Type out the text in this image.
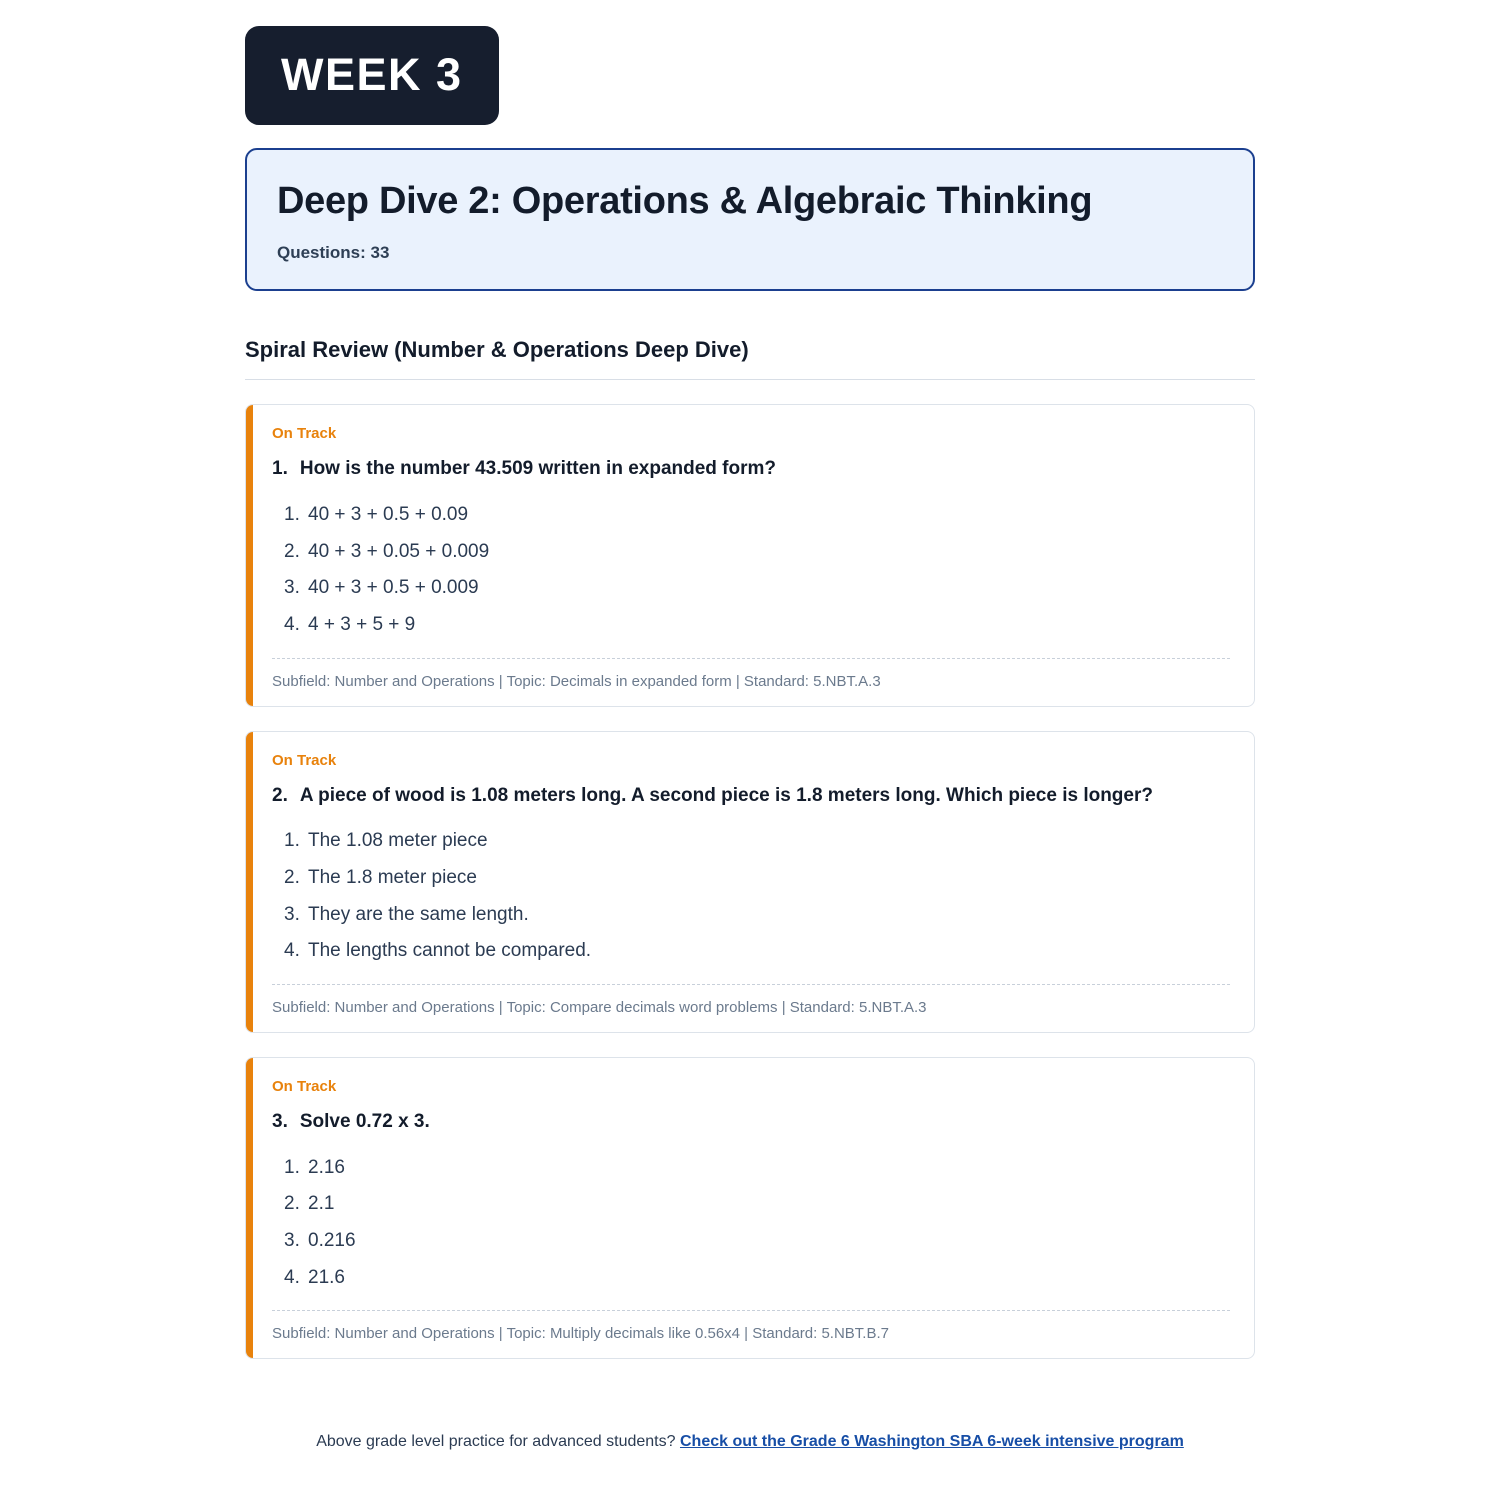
WEEK 3
Deep Dive 2: Operations & Algebraic Thinking
Questions: 33
Spiral Review (Number & Operations Deep Dive)
On Track
1. How is the number 43.509 written in expanded form?
1. 40 + 3 + 0.5 + 0.09
2. 40 + 3 + 0.05 + 0.009
3. 40 + 3 + 0.5 + 0.009
4. 4 + 3 + 5 + 9
Subfield: Number and Operations | Topic: Decimals in expanded form | Standard: 5.NBT.A.3
On Track
2. A piece of wood is 1.08 meters long. A second piece is 1.8 meters long. Which piece is longer?
1. The 1.08 meter piece
2. The 1.8 meter piece
3. They are the same length.
4. The lengths cannot be compared.
Subfield: Number and Operations | Topic: Compare decimals word problems | Standard: 5.NBT.A.3
On Track
3. Solve 0.72 x 3.
1. 2.16
2. 2.1
3. 0.216
4. 21.6
Subfield: Number and Operations | Topic: Multiply decimals like 0.56x4 | Standard: 5.NBT.B.7
Above grade level practice for advanced students? Check out the Grade 6 Washington SBA 6-week intensive program
